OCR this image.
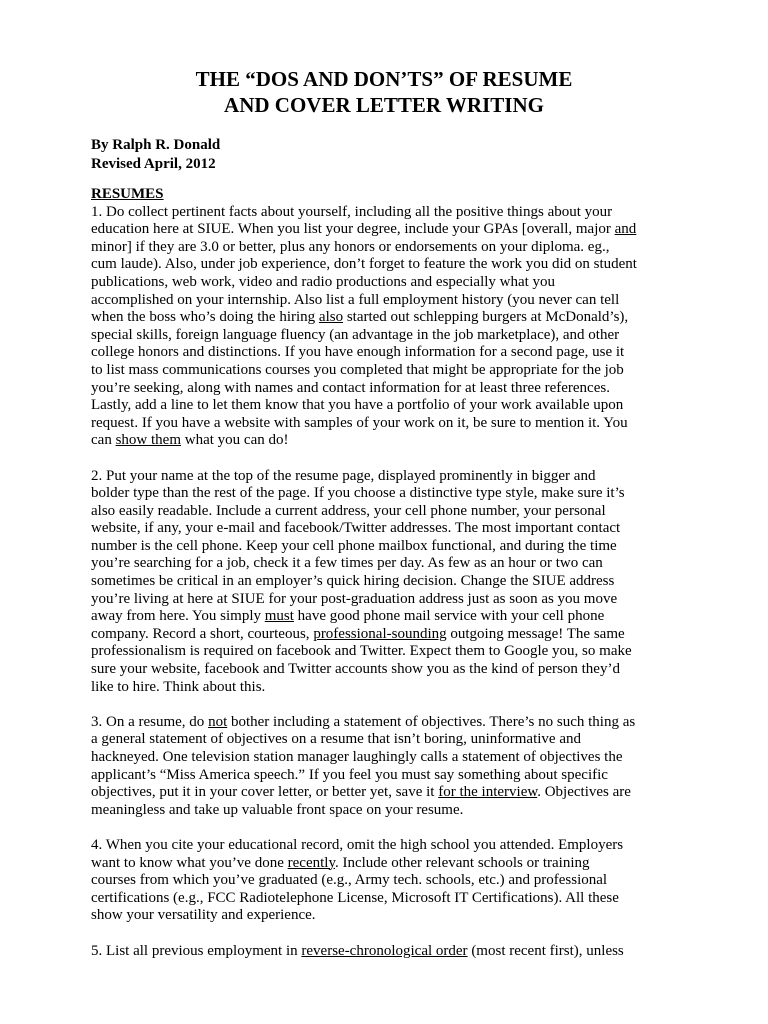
THE “DOS AND DON’TS” OF RESUME
AND COVER LETTER WRITING
By Ralph R. Donald
Revised April, 2012
RESUMES

1. Do collect pertinent facts about yourself, including all the positive things about your
education here at SIUE. When you list your degree, include your GPAs [overall, major and
minor] if they are 3.0 or better, plus any honors or endorsements on your diploma. eg.,
cum laude). Also, under job experience, don’t forget to feature the work you did on student
publications, web work, video and radio productions and especially what you
accomplished on your internship. Also list a full employment history (you never can tell
when the boss who’s doing the hiring also started out schlepping burgers at McDonald’s),
special skills, foreign language fluency (an advantage in the job marketplace), and other
college honors and distinctions. If you have enough information for a second page, use it
to list mass communications courses you completed that might be appropriate for the job
you’re seeking, along with names and contact information for at least three references.
Lastly, add a line to let them know that you have a portfolio of your work available upon
request. If you have a website with samples of your work on it, be sure to mention it. You
can show them what you can do!

2. Put your name at the top of the resume page, displayed prominently in bigger and
bolder type than the rest of the page. If you choose a distinctive type style, make sure it’s
also easily readable. Include a current address, your cell phone number, your personal
website, if any, your e-mail and facebook/Twitter addresses. The most important contact
number is the cell phone. Keep your cell phone mailbox functional, and during the time
you’re searching for a job, check it a few times per day. As few as an hour or two can
sometimes be critical in an employer’s quick hiring decision. Change the SIUE address
you’re living at here at SIUE for your post-graduation address just as soon as you move
away from here. You simply must have good phone mail service with your cell phone
company. Record a short, courteous, professional-sounding outgoing message! The same
professionalism is required on facebook and Twitter. Expect them to Google you, so make
sure your website, facebook and Twitter accounts show you as the kind of person they’d
like to hire. Think about this.

3. On a resume, do not bother including a statement of objectives. There’s no such thing as
a general statement of objectives on a resume that isn’t boring, uninformative and
hackneyed. One television station manager laughingly calls a statement of objectives the
applicant’s “Miss America speech.” If you feel you must say something about specific
objectives, put it in your cover letter, or better yet, save it for the interview. Objectives are
meaningless and take up valuable front space on your resume.

4. When you cite your educational record, omit the high school you attended. Employers
want to know what you’ve done recently. Include other relevant schools or training
courses from which you’ve graduated (e.g., Army tech. schools, etc.) and professional
certifications (e.g., FCC Radiotelephone License, Microsoft IT Certifications). All these
show your versatility and experience.

5. List all previous employment in reverse-chronological order (most recent first), unless
